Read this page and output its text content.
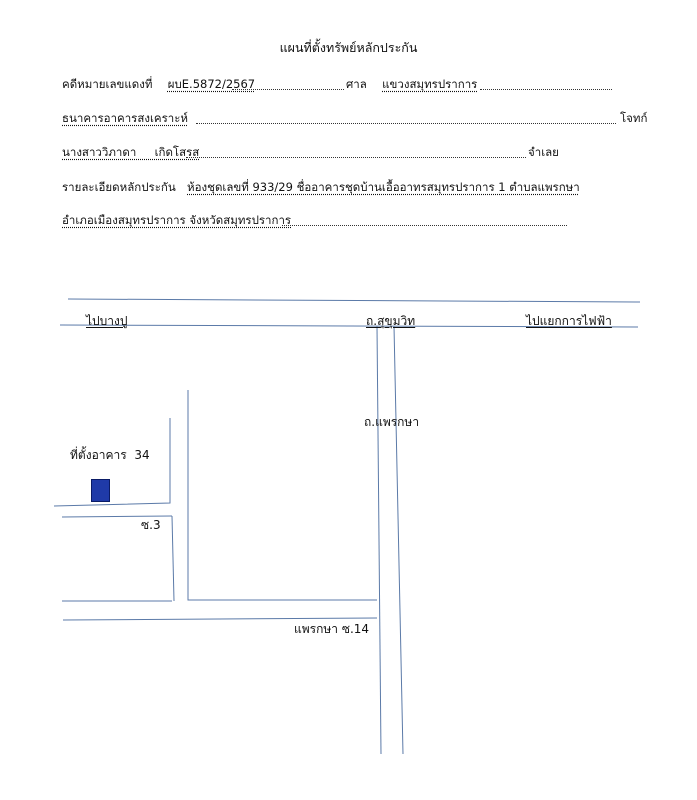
แผนที่ตั้งทรัพย์หลักประกัน
คดีหมายเลขแดงที่ ผบE.5872/2567	ศาล แขวงสมุทรปราการ
ธนาคารอาคารสงเคราะห์	โจทก์
นางสาววิภาดา     เกิดโสรส	จำเลย
รายละเอียดหลักประกัน ห้องชุดเลขที่ 933/29 ชื่ออาคารชุดบ้านเอื้ออาทรสมุทรปราการ 1 ตำบลแพรกษา
อำเภอเมืองสมุทรปราการ จังหวัดสมุทรปราการ
ไปบางปู	ถ.สุขุมวิท	ไปแยกการไฟฟ้า
ถ.แพรกษา
ที่ตั้งอาคาร  34
ซ.3
แพรกษา ซ.14
